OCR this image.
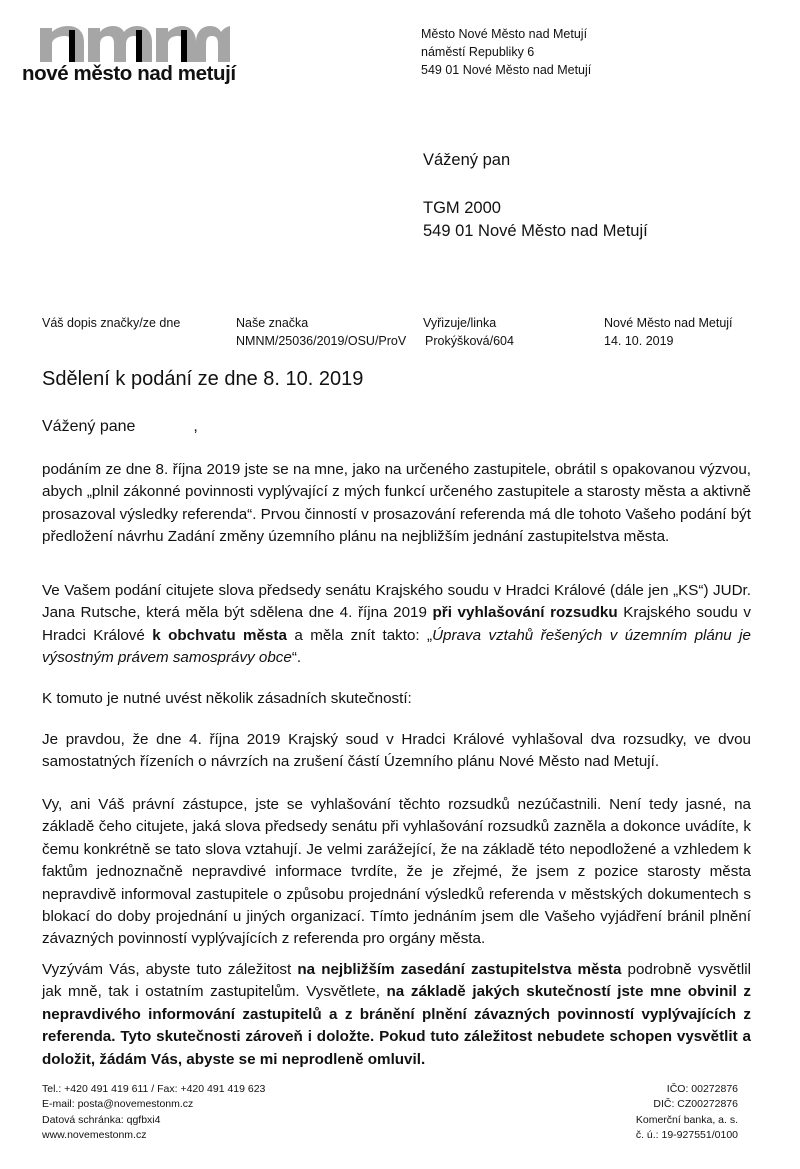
nové město nad metují
Město Nové Město nad Metují
náměstí Republiky 6
549 01 Nové Město nad Metují
Vážený pan
TGM 2000
549 01 Nové Město nad Metují
Váš dopis značky/ze dne	Naše značka
NMNM/25036/2019/OSU/ProV
Vyřizuje/linka
Prokýšková/604
Nové Město nad Metují
14. 10. 2019
Sdělení k podání ze dne 8. 10. 2019
Vážený pane	,
podáním ze dne 8. října 2019 jste se na mne, jako na určeného zastupitele, obrátil s opakovanou výzvou, abych „plnil zákonné povinnosti vyplývající z mých funkcí určeného zastupitele a starosty města a aktivně prosazoval výsledky referenda“. Prvou činností v prosazování referenda má dle tohoto Vašeho podání být předložení návrhu Zadání změny územního plánu na nejbližším jednání zastupitelstva města.
Ve Vašem podání citujete slova předsedy senátu Krajského soudu v Hradci Králové (dále jen „KS“) JUDr. Jana Rutsche, která měla být sdělena dne 4. října 2019 při vyhlašování rozsudku Krajského soudu v Hradci Králové k obchvatu města a měla znít takto: „Úprava vztahů řešených v územním plánu je výsostným právem samosprávy obce“.
K tomuto je nutné uvést několik zásadních skutečností:
Je pravdou, že dne 4. října 2019 Krajský soud v Hradci Králové vyhlašoval dva rozsudky, ve dvou samostatných řízeních o návrzích na zrušení částí Územního plánu Nové Město nad Metují.
Vy, ani Váš právní zástupce, jste se vyhlašování těchto rozsudků nezúčastnili. Není tedy jasné, na základě čeho citujete, jaká slova předsedy senátu při vyhlašování rozsudků zazněla a dokonce uvádíte, k čemu konkrétně se tato slova vztahují. Je velmi zarážející, že na základě této nepodložené a vzhledem k faktům jednoznačně nepravdivé informace tvrdíte, že je zřejmé, že jsem z pozice starosty města nepravdivě informoval zastupitele o způsobu projednání výsledků referenda v městských dokumentech s blokací do doby projednání u jiných organizací. Tímto jednáním jsem dle Vašeho vyjádření bránil plnění závazných povinností vyplývajících z referenda pro orgány města.
Vyzývám Vás, abyste tuto záležitost na nejbližším zasedání zastupitelstva města podrobně vysvětlil jak mně, tak i ostatním zastupitelům. Vysvětlete, na základě jakých skutečností jste mne obvinil z nepravdivého informování zastupitelů a z bránění plnění závazných povinností vyplývajících z referenda. Tyto skutečnosti zároveň i doložte. Pokud tuto záležitost nebudete schopen vysvětlit a doložit, žádám Vás, abyste se mi neprodleně omluvil.
Tel.: +420 491 419 611 / Fax: +420 491 419 623
E-mail: posta@novemestonm.cz
Datová schránka: qgfbxi4
www.novemestonm.cz
IČO: 00272876
DIČ: CZ00272876
Komerční banka, a. s.
č. ú.: 19-927551/0100
